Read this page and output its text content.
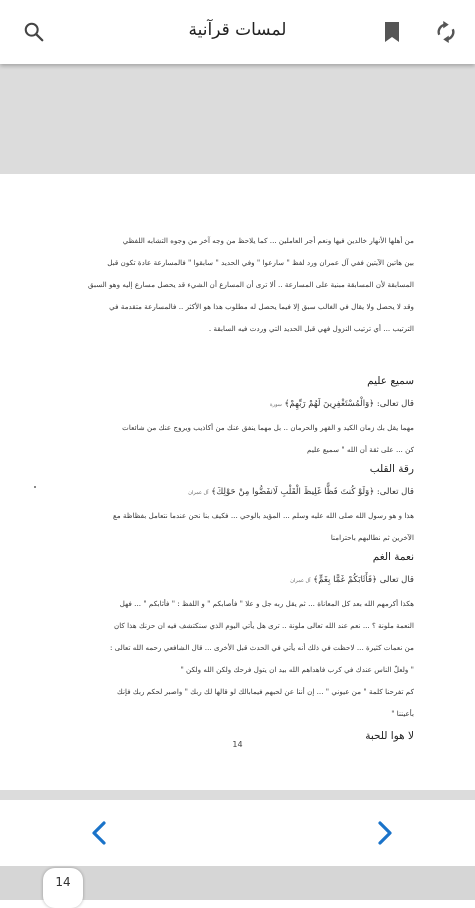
لمسات قرآنية
من أهلها الأنهار خالدين فيها ونعم أجر العاملين ... كما يلاحظ من وجه آخر من وجوه التشابه اللفظي
بين هاتين الآيتين ففي آل عمران ورد لفظ " سارعوا " وفي الحديد " سابقوا " فالمسارعة عادة تكون قبل
المسابقة لأن المسابقة مبنية على المسارعة .. ألا ترى أن المسارع أن الشيء قد يحصل مسارع إليه وهو السبق
وقد لا يحصل ولا يقال في الغالب سبق إلا فيما يحصل له مطلوب هذا هو الأكثر .. فالمسارعة متقدمة في
الترتيب ... أي ترتيب النزول فهي قبل الحديد التي وردت فيه السابقة .
سميع عليم
قال تعالى: ﴿وَالْمُسْتَغْفِرِينَ لَهُمْ رَبِّهِمْ﴾ سورة
مهما يقل بك زمان الكيد و القهر والحرمان .. بل مهما ينفق عنك من أكاذيب ويروج عنك من شائعات
كن ... على ثقة أن الله " سميع عليم
رقة القلب
قال تعالى: ﴿وَلَوْ كُنتَ فَظًّا غَلِيظَ الْقَلْبِ لَانفَضُّوا مِنْ حَوْلِكَ﴾ آل عمران
هذا و هو رسول الله صلى الله عليه وسلم ... المؤيد بالوحي ... فكيف بنا نحن عندما نتعامل بفظاظة مع
الآخرين ثم نطالبهم باحترامنا
نعمة الغم
قال تعالى ﴿فَأَثَابَكُمْ غَمًّا بِغَمٍّ﴾ آل عمران
هكذا أكرمهم الله بعد كل المعاناة ... ثم يقل ربه جل و علا " فأصابكم " و اللفظ : " فأثابكم " ... فهل
النعمة ملونة ؟ ... نعم عند الله تعالى ملونة .. ترى هل يأتي اليوم الذي سنكتشف فيه ان حزنك هذا كان
من نعمات كثيرة ... لاحظت في ذلك أنه يأتي في الحدث قبل الأخرى ... قال الشافعي رحمه الله تعالى :
" ولعلّ الناس عندك في كرب فاهداهم الله بيد ان يتول فرحك ولكن الله ولكن "
كم تفرحنا كلمة " من عيوني " ... إن أننا عن لحبهم فيمابالك لو قالها لك ربك " واصبر لحكم ربك فإنك
بأعيننا "
لا هوا للحبة
14
14
